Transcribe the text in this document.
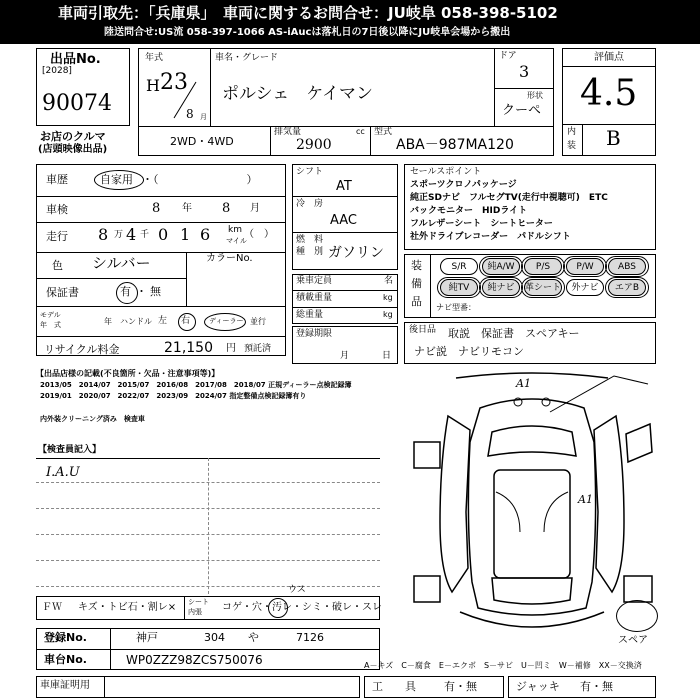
車両引取先：「兵庫県」　車両に関するお問合せ：JU岐阜 058-398-5102
陸送問合せ:US流 058-397-1066 AS-iAucは落札日の7日後以降にJU岐阜会場から搬出
出品No.
[2028]
90074
お店のクルマ
(店頭映像出品)
年式
H 23
8 月
車名・グレード
ポルシェ　ケイマン
ドア
3
形状
クーペ
2WD・4WD
排気量
2900
cc 型式
ABA－987MA120
評価点
4.5
内
装 B
車歴	自家用 ・（　　　　　　　　）
車検	8 年 8 月
走行 8 万 4 千 0 1 6 km
マイル
（　）
色 シルバー	カラーNo.
保証書	有 ・ 無
モデル
年　式	年 ハンドル 左 右	ディーラー 並行
リサイクル料金	21,150 円 預託済
シフト
AT
冷　房
AAC
燃　料
種　別 ガソリン
乗車定員	名
積載重量	kg
総重量	kg
登録期限
月	日
セールスポイント
スポーツクロノパッケージ
純正SDナビ　フルセグTV(走行中視聴可)　ETC
バックモニター　HIDライト
フルレザーシート　シートヒーター
社外ドライブレコーダー　パドルシフト
装
備
品
S/R	純A/W	P/S	P/W	ABS
純TV	純ナビ	革シート	外ナビ	エアB
ナビ型番：
後日品 取説　保証書　スペアキー
ナビ説　ナビリモコン
【出品店様の記載(不良箇所・欠品・注意事項等)】
2013/05　2014/07　2015/07　2016/08　2017/08　2018/07 正規ディーラー点検記録簿
2019/01　2020/07　2022/07　2023/09　2024/07 指定整備点検記録簿有り
内外装クリーニング済み　検査車
【検査員記入】
I.A.U
A1
A1
スペア
ＦＷ キズ・トビ石・割レ× シート
内張 コゲ・穴・汚レ・シミ・破レ・スレ
ウス
登録No.	神戸	304 や	7126
車台No.	WP0ZZZ98ZCS750076	A－キズ　C－腐食　E－エクボ　S－サビ　U－凹ミ　W－補修　XX－交換済
車庫証明用	工　　具	有・無	ジャッキ 有・無
